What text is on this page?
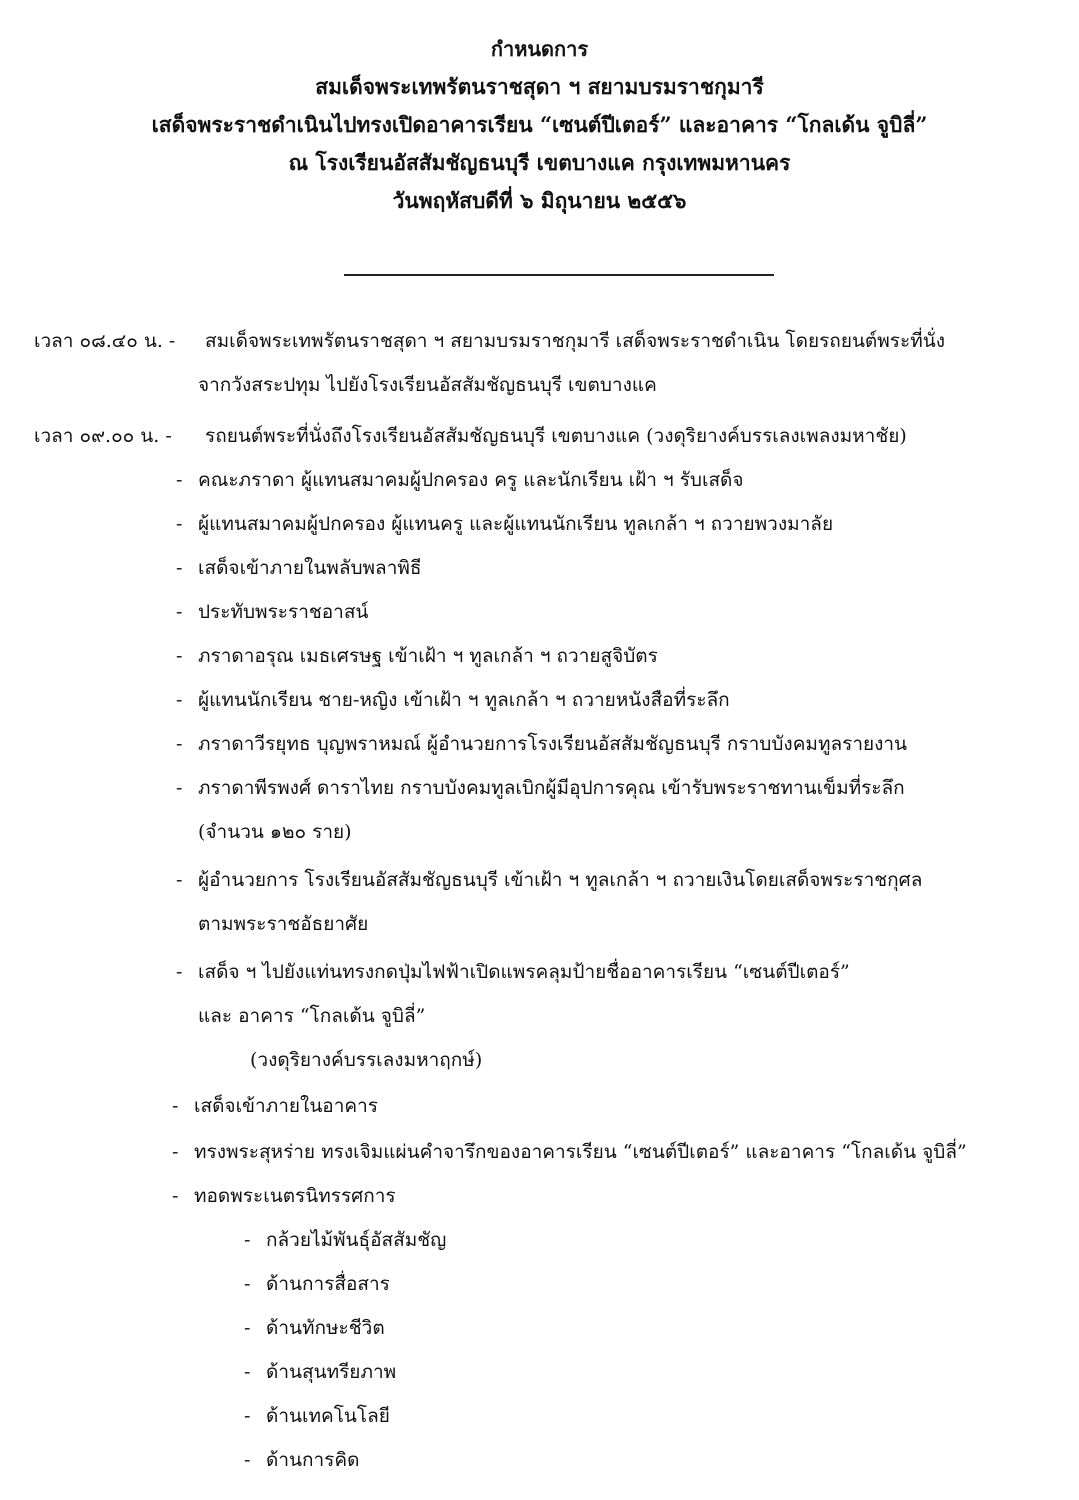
กำหนดการ
สมเด็จพระเทพรัตนราชสุดา ฯ สยามบรมราชกุมารี
เสด็จพระราชดำเนินไปทรงเปิดอาคารเรียน “เซนต์ปีเตอร์” และอาคาร “โกลเด้น จูบิลี่”
ณ โรงเรียนอัสสัมชัญธนบุรี เขตบางแค กรุงเทพมหานคร
วันพฤหัสบดีที่ ๖ มิถุนายน ๒๕๕๖
เวลา ๐๘.๔๐ น. - สมเด็จพระเทพรัตนราชสุดา ฯ สยามบรมราชกุมารี เสด็จพระราชดำเนิน โดยรถยนต์พระที่นั่ง
จากวังสระปทุม ไปยังโรงเรียนอัสสัมชัญธนบุรี เขตบางแค
เวลา ๐๙.๐๐ น. - รถยนต์พระที่นั่งถึงโรงเรียนอัสสัมชัญธนบุรี เขตบางแค (วงดุริยางค์บรรเลงเพลงมหาชัย)
- คณะภราดา ผู้แทนสมาคมผู้ปกครอง ครู และนักเรียน เฝ้า ฯ รับเสด็จ
- ผู้แทนสมาคมผู้ปกครอง ผู้แทนครู และผู้แทนนักเรียน ทูลเกล้า ฯ ถวายพวงมาลัย
- เสด็จเข้าภายในพลับพลาพิธี
- ประทับพระราชอาสน์
- ภราดาอรุณ เมธเศรษฐ เข้าเฝ้า ฯ ทูลเกล้า ฯ ถวายสูจิบัตร
- ผู้แทนนักเรียน ชาย-หญิง เข้าเฝ้า ฯ ทูลเกล้า ฯ ถวายหนังสือที่ระลึก
- ภราดาวีรยุทธ บุญพราหมณ์ ผู้อำนวยการโรงเรียนอัสสัมชัญธนบุรี กราบบังคมทูลรายงาน
- ภราดาพีรพงศ์ ดาราไทย กราบบังคมทูลเบิกผู้มีอุปการคุณ เข้ารับพระราชทานเข็มที่ระลึก
(จำนวน ๑๒๐ ราย)
- ผู้อำนวยการ โรงเรียนอัสสัมชัญธนบุรี เข้าเฝ้า ฯ ทูลเกล้า ฯ ถวายเงินโดยเสด็จพระราชกุศล
ตามพระราชอัธยาศัย
- เสด็จ ฯ ไปยังแท่นทรงกดปุ่มไฟฟ้าเปิดแพรคลุมป้ายชื่ออาคารเรียน “เซนต์ปีเตอร์”
และ อาคาร “โกลเด้น จูบิลี่”
(วงดุริยางค์บรรเลงมหาฤกษ์)
- เสด็จเข้าภายในอาคาร
- ทรงพระสุหร่าย ทรงเจิมแผ่นคำจารึกของอาคารเรียน “เซนต์ปีเตอร์” และอาคาร “โกลเด้น จูบิลี่”
- ทอดพระเนตรนิทรรศการ
- กล้วยไม้พันธุ์อัสสัมชัญ
- ด้านการสื่อสาร
- ด้านทักษะชีวิต
- ด้านสุนทรียภาพ
- ด้านเทคโนโลยี
- ด้านการคิด
